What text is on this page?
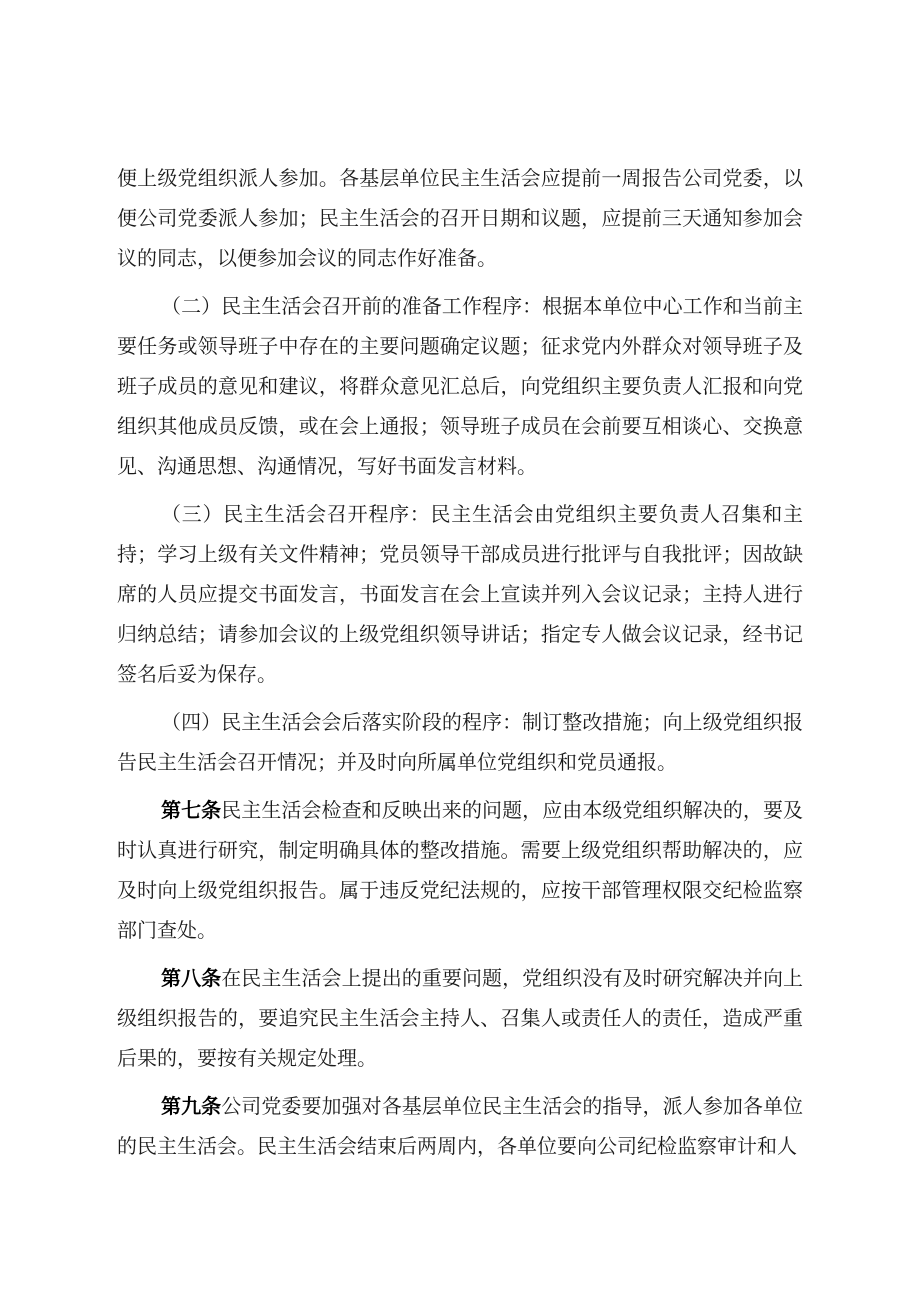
便上级党组织派人参加。各基层单位民主生活会应提前一周报告公司党委，以便公司党委派人参加；民主生活会的召开日期和议题，应提前三天通知参加会议的同志，以便参加会议的同志作好准备。

（二）民主生活会召开前的准备工作程序：根据本单位中心工作和当前主要任务或领导班子中存在的主要问题确定议题；征求党内外群众对领导班子及班子成员的意见和建议，将群众意见汇总后，向党组织主要负责人汇报和向党组织其他成员反馈，或在会上通报；领导班子成员在会前要互相谈心、交换意见、沟通思想、沟通情况，写好书面发言材料。

（三）民主生活会召开程序：民主生活会由党组织主要负责人召集和主持；学习上级有关文件精神；党员领导干部成员进行批评与自我批评；因故缺席的人员应提交书面发言，书面发言在会上宣读并列入会议记录；主持人进行归纳总结；请参加会议的上级党组织领导讲话；指定专人做会议记录，经书记签名后妥为保存。

（四）民主生活会会后落实阶段的程序：制订整改措施；向上级党组织报告民主生活会召开情况；并及时向所属单位党组织和党员通报。

第七条民主生活会检查和反映出来的问题，应由本级党组织解决的，要及时认真进行研究，制定明确具体的整改措施。需要上级党组织帮助解决的，应及时向上级党组织报告。属于违反党纪法规的，应按干部管理权限交纪检监察部门查处。

第八条在民主生活会上提出的重要问题，党组织没有及时研究解决并向上级组织报告的，要追究民主生活会主持人、召集人或责任人的责任，造成严重后果的，要按有关规定处理。

第九条公司党委要加强对各基层单位民主生活会的指导，派人参加各单位的民主生活会。民主生活会结束后两周内，各单位要向公司纪检监察审计和人
